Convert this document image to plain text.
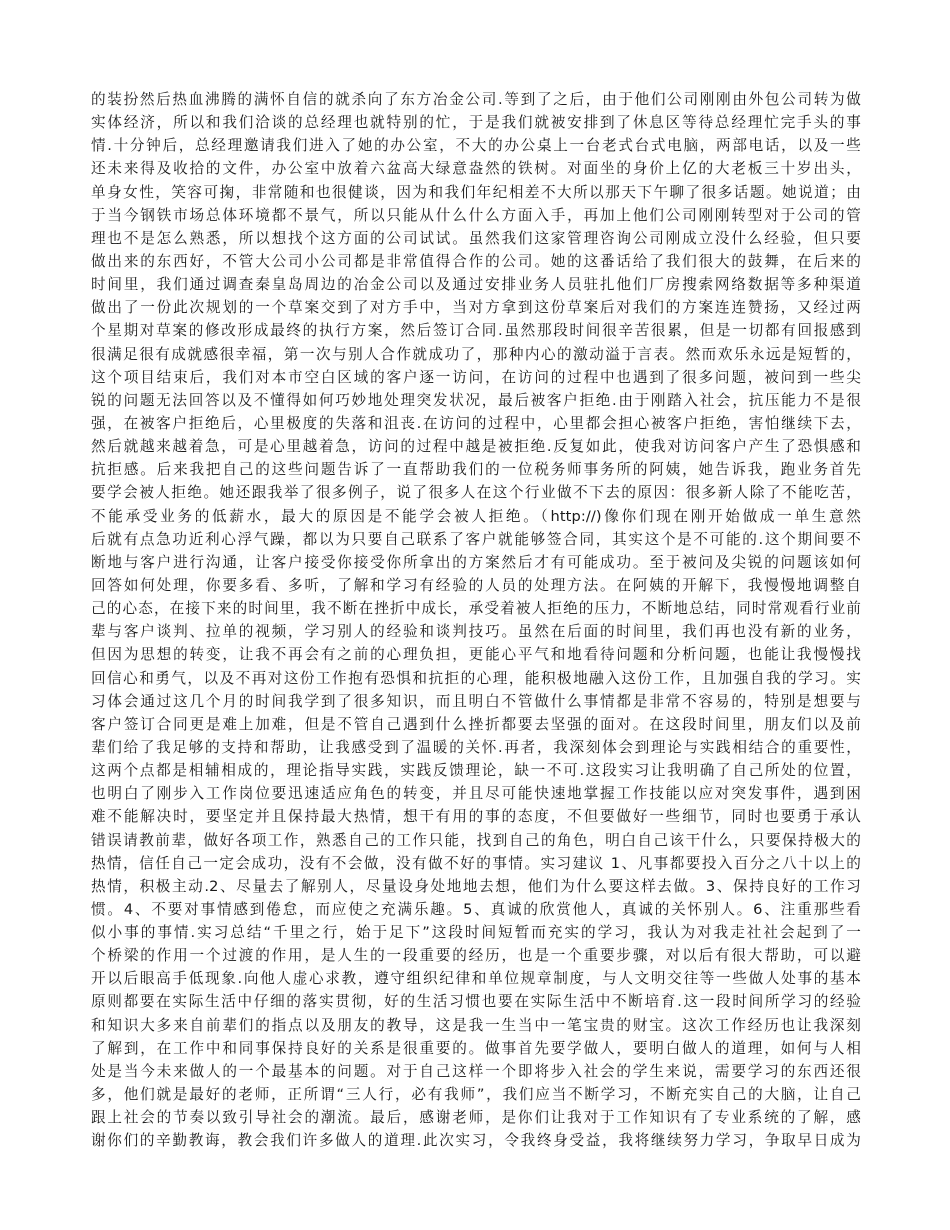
的装扮然后热血沸腾的满怀自信的就杀向了东方冶金公司.等到了之后，由于他们公司刚刚由外包公司转为做
实体经济，所以和我们洽谈的总经理也就特别的忙，于是我们就被安排到了休息区等待总经理忙完手头的事
情.十分钟后，总经理邀请我们进入了她的办公室，不大的办公桌上一台老式台式电脑，两部电话，以及一些
还未来得及收拾的文件，办公室中放着六盆高大绿意盎然的铁树。对面坐的身价上亿的大老板三十岁出头，
单身女性，笑容可掬，非常随和也很健谈，因为和我们年纪相差不大所以那天下午聊了很多话题。她说道；由
于当今钢铁市场总体环境都不景气，所以只能从什么什么方面入手，再加上他们公司刚刚转型对于公司的管
理也不是怎么熟悉，所以想找个这方面的公司试试。虽然我们这家管理咨询公司刚成立没什么经验，但只要
做出来的东西好，不管大公司小公司都是非常值得合作的公司。她的这番话给了我们很大的鼓舞，在后来的
时间里，我们通过调查秦皇岛周边的冶金公司以及通过安排业务人员驻扎他们厂房搜索网络数据等多种渠道
做出了一份此次规划的一个草案交到了对方手中，当对方拿到这份草案后对我们的方案连连赞扬，又经过两
个星期对草案的修改形成最终的执行方案，然后签订合同.虽然那段时间很辛苦很累，但是一切都有回报感到
很满足很有成就感很幸福，第一次与别人合作就成功了，那种内心的激动溢于言表。然而欢乐永远是短暂的，
这个项目结束后，我们对本市空白区域的客户逐一访问，在访问的过程中也遇到了很多问题，被问到一些尖
锐的问题无法回答以及不懂得如何巧妙地处理突发状况，最后被客户拒绝.由于刚踏入社会，抗压能力不是很
强，在被客户拒绝后，心里极度的失落和沮丧.在访问的过程中，心里都会担心被客户拒绝，害怕继续下去，
然后就越来越着急，可是心里越着急，访问的过程中越是被拒绝.反复如此，使我对访问客户产生了恐惧感和
抗拒感。后来我把自己的这些问题告诉了一直帮助我们的一位税务师事务所的阿姨，她告诉我，跑业务首先
要学会被人拒绝。她还跟我举了很多例子，说了很多人在这个行业做不下去的原因：很多新人除了不能吃苦，
不能承受业务的低薪水，最大的原因是不能学会被人拒绝。（http://)像你们现在刚开始做成一单生意然
后就有点急功近利心浮气躁，都以为只要自己联系了客户就能够签合同，其实这个是不可能的.这个期间要不
断地与客户进行沟通，让客户接受你接受你所拿出的方案然后才有可能成功。至于被问及尖锐的问题该如何
回答如何处理，你要多看、多听，了解和学习有经验的人员的处理方法。在阿姨的开解下，我慢慢地调整自
己的心态，在接下来的时间里，我不断在挫折中成长，承受着被人拒绝的压力，不断地总结，同时常观看行业前
辈与客户谈判、拉单的视频，学习别人的经验和谈判技巧。虽然在后面的时间里，我们再也没有新的业务，
但因为思想的转变，让我不再会有之前的心理负担，更能心平气和地看待问题和分析问题，也能让我慢慢找
回信心和勇气，以及不再对这份工作抱有恐惧和抗拒的心理，能积极地融入这份工作，且加强自我的学习。实
习体会通过这几个月的时间我学到了很多知识，而且明白不管做什么事情都是非常不容易的，特别是想要与
客户签订合同更是难上加难，但是不管自己遇到什么挫折都要去坚强的面对。在这段时间里，朋友们以及前
辈们给了我足够的支持和帮助，让我感受到了温暖的关怀.再者，我深刻体会到理论与实践相结合的重要性，
这两个点都是相辅相成的，理论指导实践，实践反馈理论，缺一不可.这段实习让我明确了自己所处的位置，
也明白了刚步入工作岗位要迅速适应角色的转变，并且尽可能快速地掌握工作技能以应对突发事件，遇到困
难不能解决时，要坚定并且保持最大热情，想干有用的事的态度，不但要做好一些细节，同时也要勇于承认
错误请教前辈，做好各项工作，熟悉自己的工作只能，找到自己的角色，明白自己该干什么，只要保持极大的
热情，信任自己一定会成功，没有不会做，没有做不好的事情。实习建议 1、凡事都要投入百分之八十以上的
热情，积极主动.2、尽量去了解别人，尽量设身处地地去想，他们为什么要这样去做。3、保持良好的工作习
惯。4、不要对事情感到倦怠，而应使之充满乐趣。5、真诚的欣赏他人，真诚的关怀别人。6、注重那些看
似小事的事情.实习总结“千里之行，始于足下”这段时间短暂而充实的学习，我认为对我走社社会起到了一
个桥梁的作用一个过渡的作用，是人生的一段重要的经历，也是一个重要步骤，对以后有很大帮助，可以避
开以后眼高手低现象.向他人虚心求教，遵守组织纪律和单位规章制度，与人文明交往等一些做人处事的基本
原则都要在实际生活中仔细的落实贯彻，好的生活习惯也要在实际生活中不断培育.这一段时间所学习的经验
和知识大多来自前辈们的指点以及朋友的教导，这是我一生当中一笔宝贵的财宝。这次工作经历也让我深刻
了解到，在工作中和同事保持良好的关系是很重要的。做事首先要学做人，要明白做人的道理，如何与人相
处是当今未来做人的一个最基本的问题。对于自己这样一个即将步入社会的学生来说，需要学习的东西还很
多，他们就是最好的老师，正所谓“三人行，必有我师”，我们应当不断学习，不断充实自己的大脑，让自己
跟上社会的节奏以致引导社会的潮流。最后，感谢老师，是你们让我对于工作知识有了专业系统的了解，感
谢你们的辛勤教诲，教会我们许多做人的道理.此次实习，令我终身受益，我将继续努力学习，争取早日成为
